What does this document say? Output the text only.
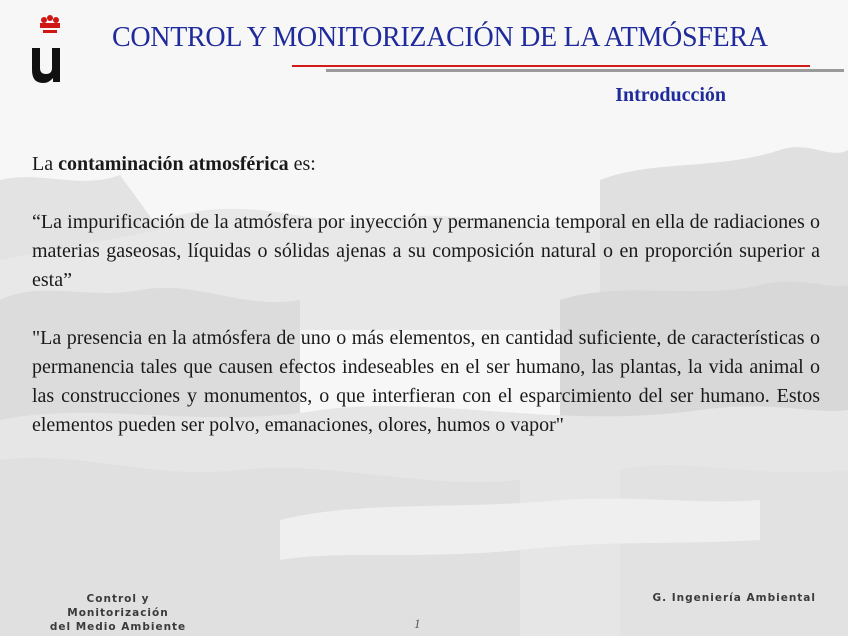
CONTROL Y MONITORIZACIÓN DE LA ATMÓSFERA
Introducción

La contaminación atmosférica es:

“La impurificación de la atmósfera por inyección y permanencia temporal en ella de radiaciones o materias gaseosas, líquidas o sólidas ajenas a su composición natural o en proporción superior a esta”

"La presencia en la atmósfera de uno o más elementos, en cantidad suficiente, de características o permanencia tales que causen efectos indeseables en el ser humano, las plantas, la vida animal o las construcciones y monumentos, o que interfieran con el esparcimiento del ser humano. Estos elementos pueden ser polvo, emanaciones, olores, humos o vapor"

Control y Monitorización
del Medio Ambiente
G. Ingeniería Ambiental
1
